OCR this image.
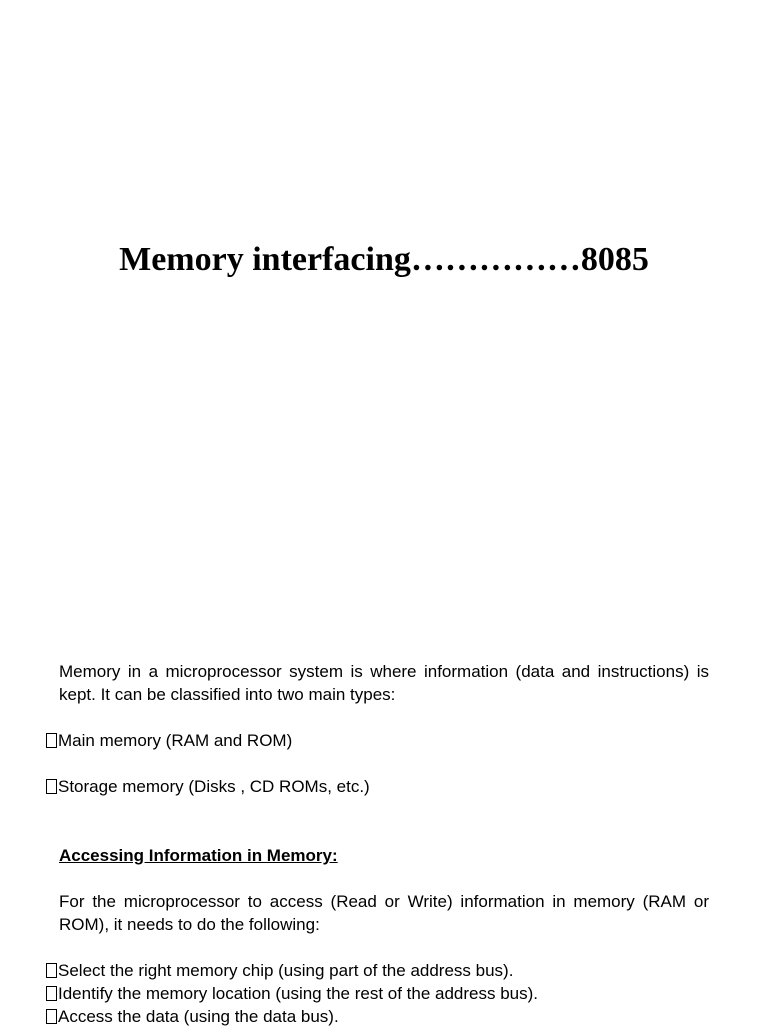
Memory interfacing……………8085

Memory in a microprocessor system is where information (data and instructions) is kept. It can be classified into two main types:

Main memory (RAM and ROM)

Storage memory (Disks , CD ROMs, etc.)

Accessing Information in Memory:

For the microprocessor to access (Read or Write) information in memory (RAM or ROM), it needs to do the following:

Select the right memory chip (using part of the address bus).

Identify the memory location (using the rest of the address bus).

Access the data (using the data bus).
